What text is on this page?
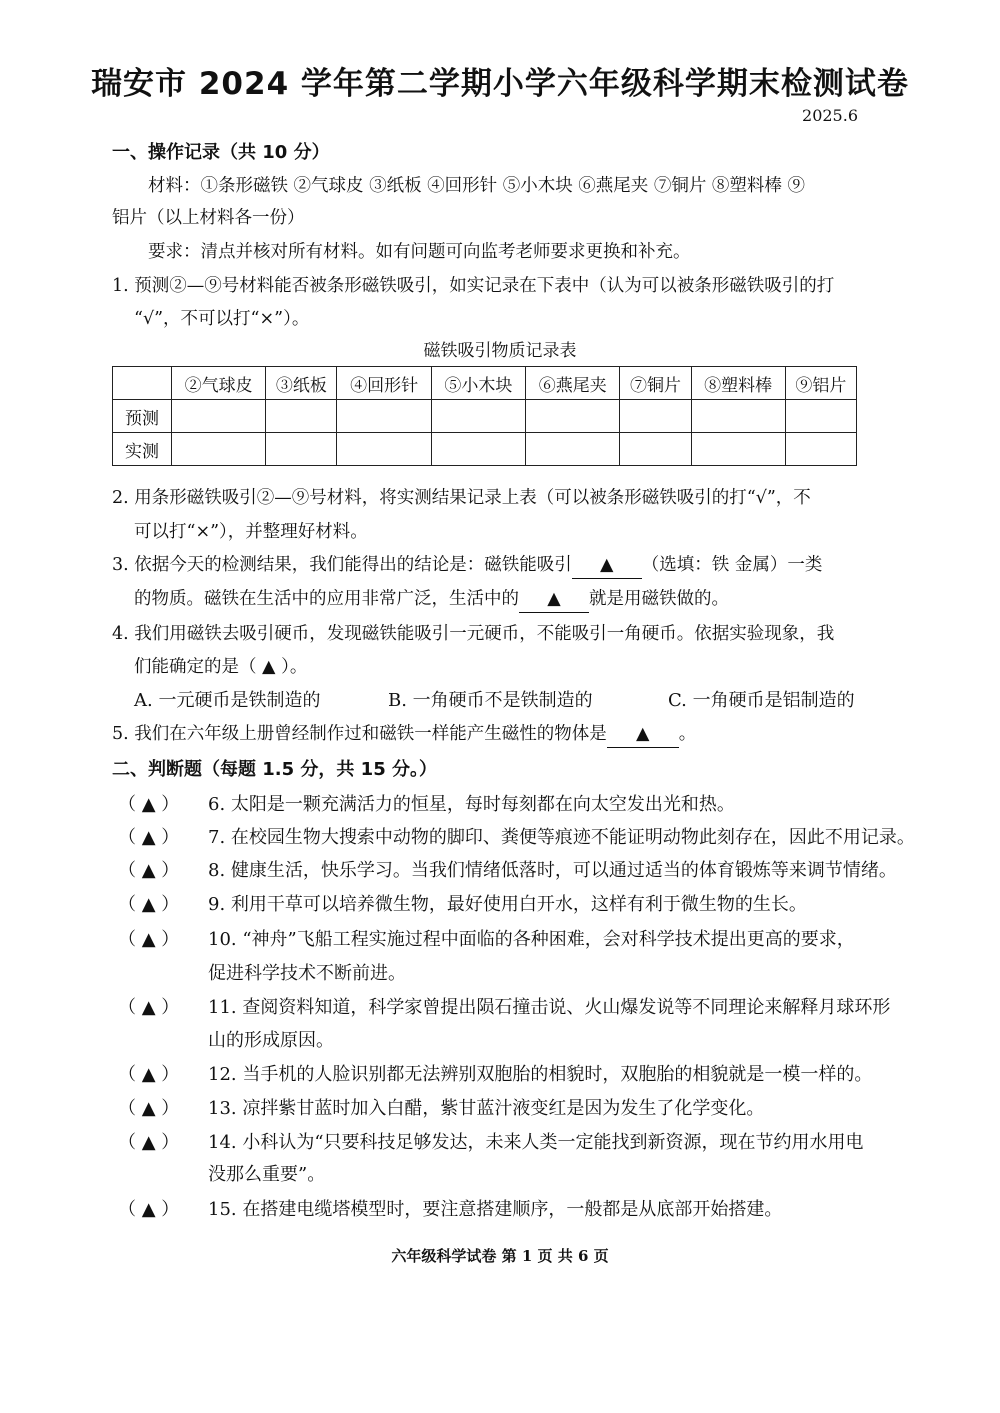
瑞安市 2024 学年第二学期小学六年级科学期末检测试卷
2025.6
一、操作记录（共 10 分）
材料：①条形磁铁 ②气球皮 ③纸板 ④回形针 ⑤小木块 ⑥燕尾夹 ⑦铜片 ⑧塑料棒 ⑨
铝片（以上材料各一份）
要求：清点并核对所有材料。如有问题可向监考老师要求更换和补充。
1. 预测②—⑨号材料能否被条形磁铁吸引，如实记录在下表中（认为可以被条形磁铁吸引的打
“√”，不可以打“×”）。
磁铁吸引物质记录表
	②气球皮	③纸板	④回形针	⑤小木块	⑥燕尾夹	⑦铜片	⑧塑料棒	⑨铝片
预测								
实测								
2. 用条形磁铁吸引②—⑨号材料，将实测结果记录上表（可以被条形磁铁吸引的打“√”，不
可以打“×”），并整理好材料。
3. 依据今天的检测结果，我们能得出的结论是：磁铁能吸引 ▲ （选填：铁 金属）一类
的物质。磁铁在生活中的应用非常广泛，生活中的 ▲ 就是用磁铁做的。
4. 我们用磁铁去吸引硬币，发现磁铁能吸引一元硬币，不能吸引一角硬币。依据实验现象，我
们能确定的是（ ▲ ）。
A. 一元硬币是铁制造的	B. 一角硬币不是铁制造的	C. 一角硬币是铝制造的
5. 我们在六年级上册曾经制作过和磁铁一样能产生磁性的物体是 ▲ 。
二、判断题（每题 1.5 分，共 15 分。）
（ ▲ ） 6. 太阳是一颗充满活力的恒星，每时每刻都在向太空发出光和热。
（ ▲ ） 7. 在校园生物大搜索中动物的脚印、粪便等痕迹不能证明动物此刻存在，因此不用记录。
（ ▲ ） 8. 健康生活，快乐学习。当我们情绪低落时，可以通过适当的体育锻炼等来调节情绪。
（ ▲ ） 9. 利用干草可以培养微生物，最好使用白开水，这样有利于微生物的生长。
（ ▲ ） 10. “神舟”飞船工程实施过程中面临的各种困难，会对科学技术提出更高的要求，
促进科学技术不断前进。
（ ▲ ） 11. 查阅资料知道，科学家曾提出陨石撞击说、火山爆发说等不同理论来解释月球环形
山的形成原因。
（ ▲ ） 12. 当手机的人脸识别都无法辨别双胞胎的相貌时，双胞胎的相貌就是一模一样的。
（ ▲ ） 13. 凉拌紫甘蓝时加入白醋，紫甘蓝汁液变红是因为发生了化学变化。
（ ▲ ） 14. 小科认为“只要科技足够发达，未来人类一定能找到新资源，现在节约用水用电
没那么重要”。
（ ▲ ） 15. 在搭建电缆塔模型时，要注意搭建顺序，一般都是从底部开始搭建。
六年级科学试卷 第 1 页 共 6 页
